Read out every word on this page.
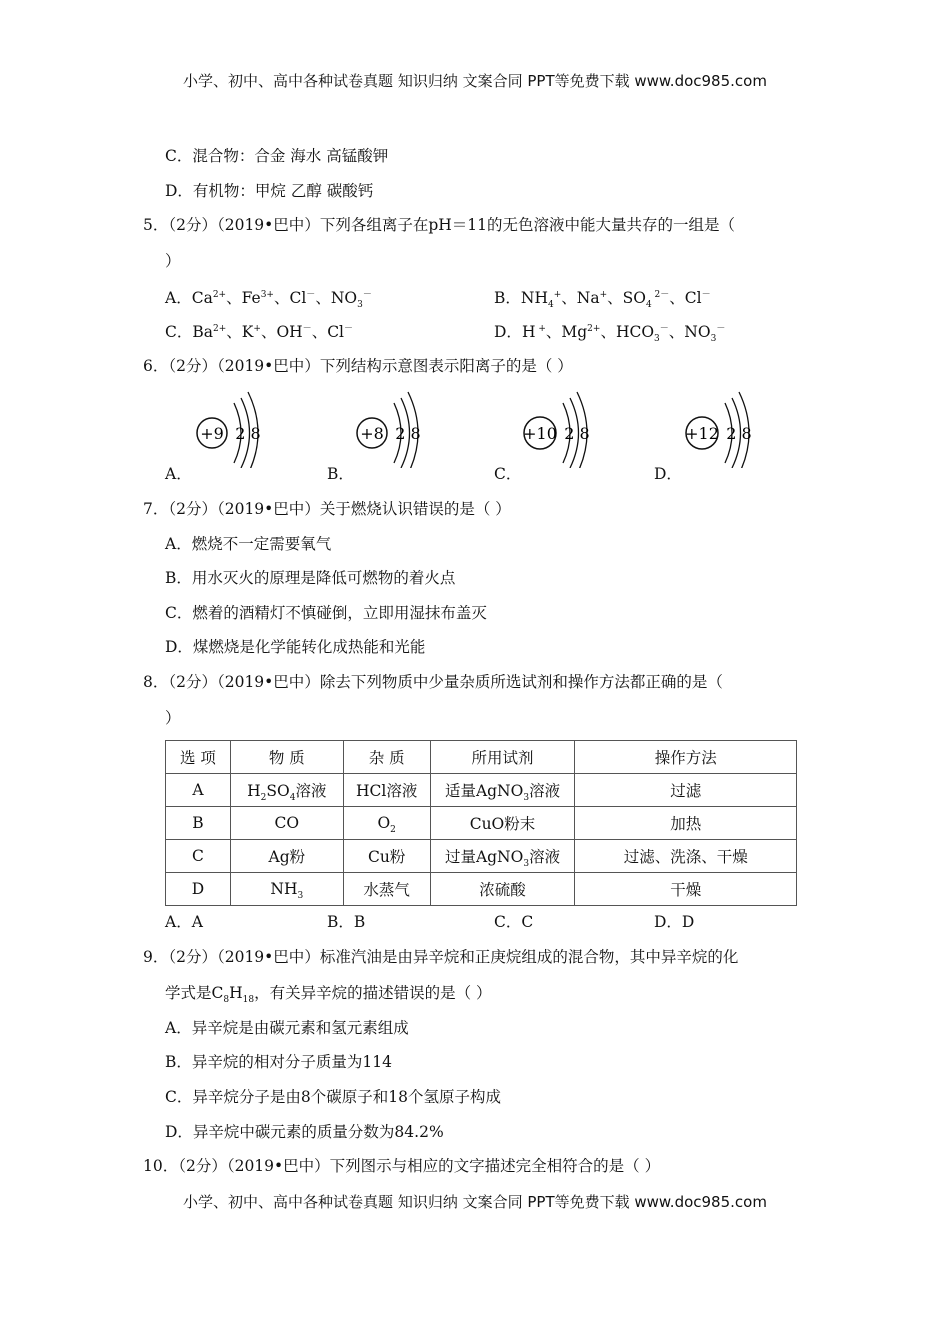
小学、初中、高中各种试卷真题 知识归纳 文案合同 PPT等免费下载 www.doc985.com
C．混合物：合金 海水 高锰酸钾
D．有机物：甲烷 乙醇 碳酸钙
5．（2分）（2019•巴中）下列各组离子在pH＝11的无色溶液中能大量共存的一组是（
）
A．$Ca^{2+}$、$Fe^{3+}$、Cl－、$NO_3^-$	B．$NH_4^+$、Na+、$SO_4$ $^{2-}$、Cl－
C．$Ba^{2+}$、K+、OH－、Cl－	D．H +、$Mg^{2+}$、$HCO_3^-$、$NO_3^-$
6．（2分）（2019•巴中）下列结构示意图表示阳离子的是（ ）
+9 2 8	+8 2 8	+10 2 8	+12 2 8
A．	B．	C．	D．
7．（2分）（2019•巴中）关于燃烧认识错误的是（ ）
A．燃烧不一定需要氧气
B．用水灭火的原理是降低可燃物的着火点
C．燃着的酒精灯不慎碰倒，立即用湿抹布盖灭
D．煤燃烧是化学能转化成热能和光能
8．（2分）（2019•巴中）除去下列物质中少量杂质所选试剂和操作方法都正确的是（
）
选 项	物 质	杂 质	所用试剂	操作方法
A	$H_2SO_4$溶液	HCl溶液	适量AgNO$_3$溶液	过滤
B	CO	$O_2$	CuO粉末	加热
C	Ag粉	Cu粉	过量AgNO$_3$溶液	过滤、洗涤、干燥
D	$NH_3$	水蒸气	浓硫酸	干燥
A．A	B．B	C．C	D．D
9．（2分）（2019•巴中）标准汽油是由异辛烷和正庚烷组成的混合物，其中异辛烷的化
学式是$C_8H_{18}$，有关异辛烷的描述错误的是（ ）
A．异辛烷是由碳元素和氢元素组成
B．异辛烷的相对分子质量为114
C．异辛烷分子是由8个碳原子和18个氢原子构成
D．异辛烷中碳元素的质量分数为84.2%
10．（2分）（2019•巴中）下列图示与相应的文字描述完全相符合的是（ ）
小学、初中、高中各种试卷真题 知识归纳 文案合同 PPT等免费下载 www.doc985.com
